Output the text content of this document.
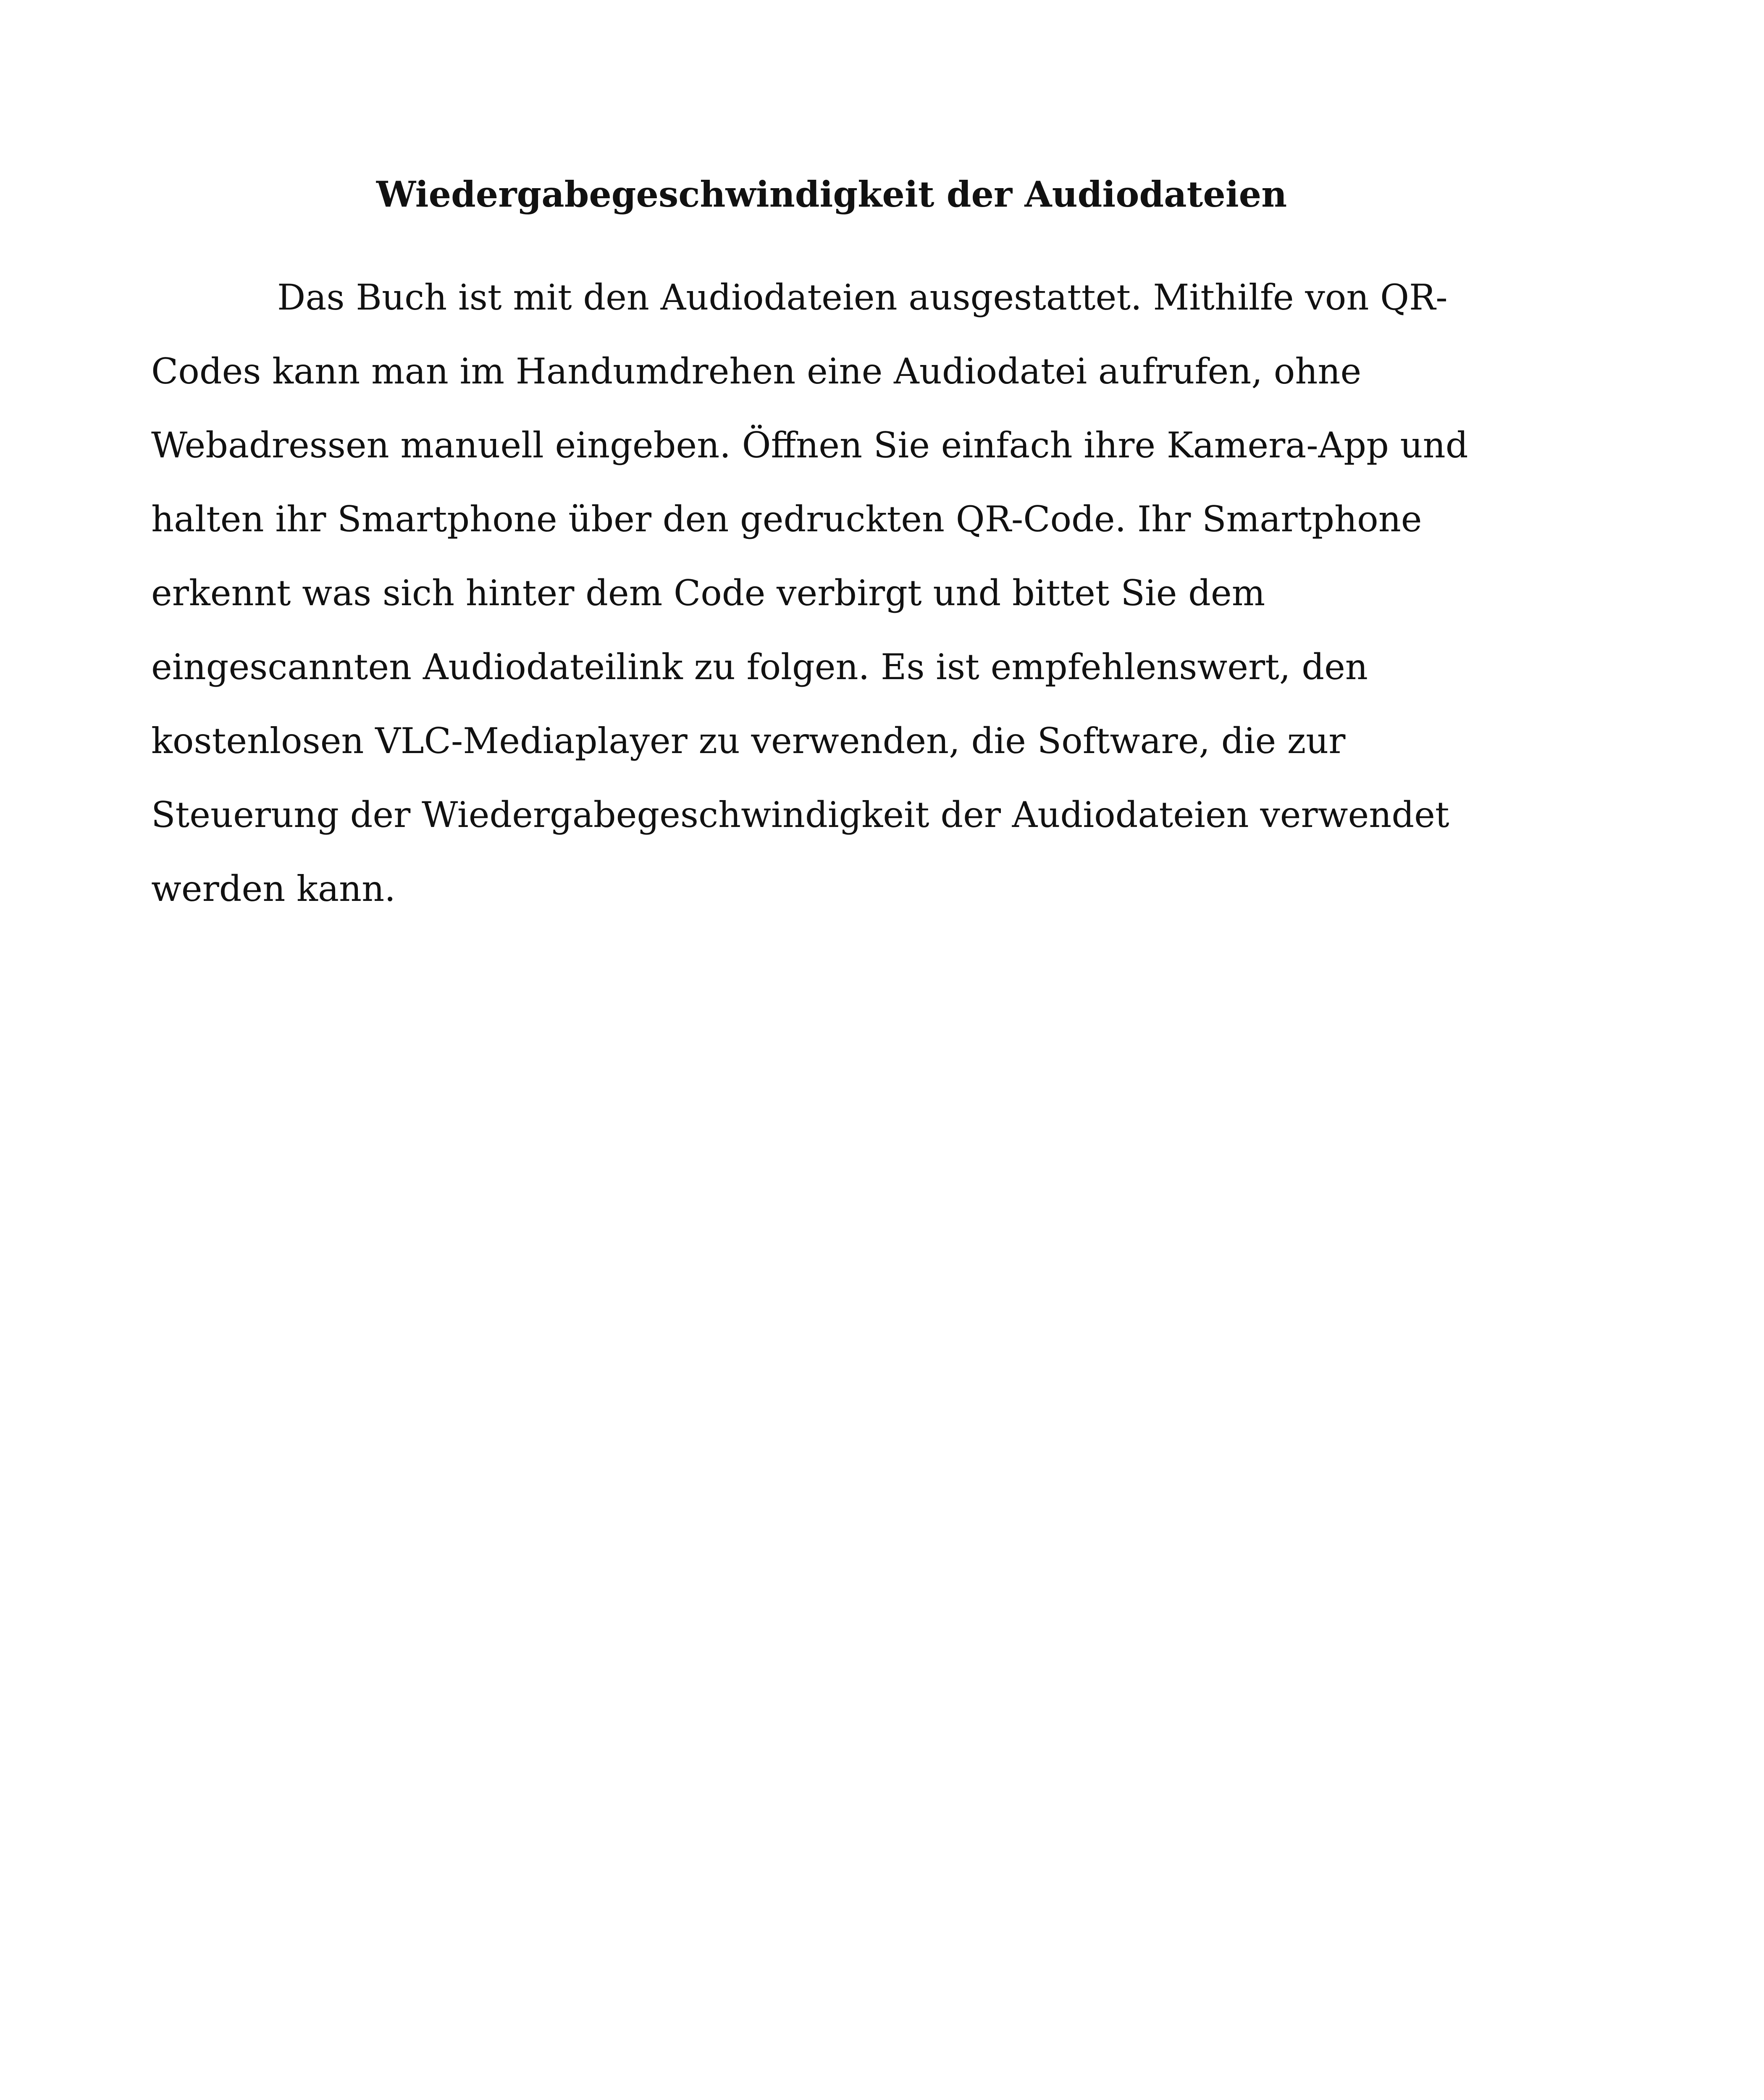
Wiedergabegeschwindigkeit der Audiodateien
Das Buch ist mit den Audiodateien ausgestattet. Mithilfe von QR-
Codes kann man im Handumdrehen eine Audiodatei aufrufen, ohne
Webadressen manuell eingeben. Öffnen Sie einfach ihre Kamera-App und
halten ihr Smartphone über den gedruckten QR-Code. Ihr Smartphone
erkennt was sich hinter dem Code verbirgt und bittet Sie dem
eingescannten Audiodateilink zu folgen. Es ist empfehlenswert, den
kostenlosen VLC-Mediaplayer zu verwenden, die Software, die zur
Steuerung der Wiedergabegeschwindigkeit der Audiodateien verwendet
werden kann.
